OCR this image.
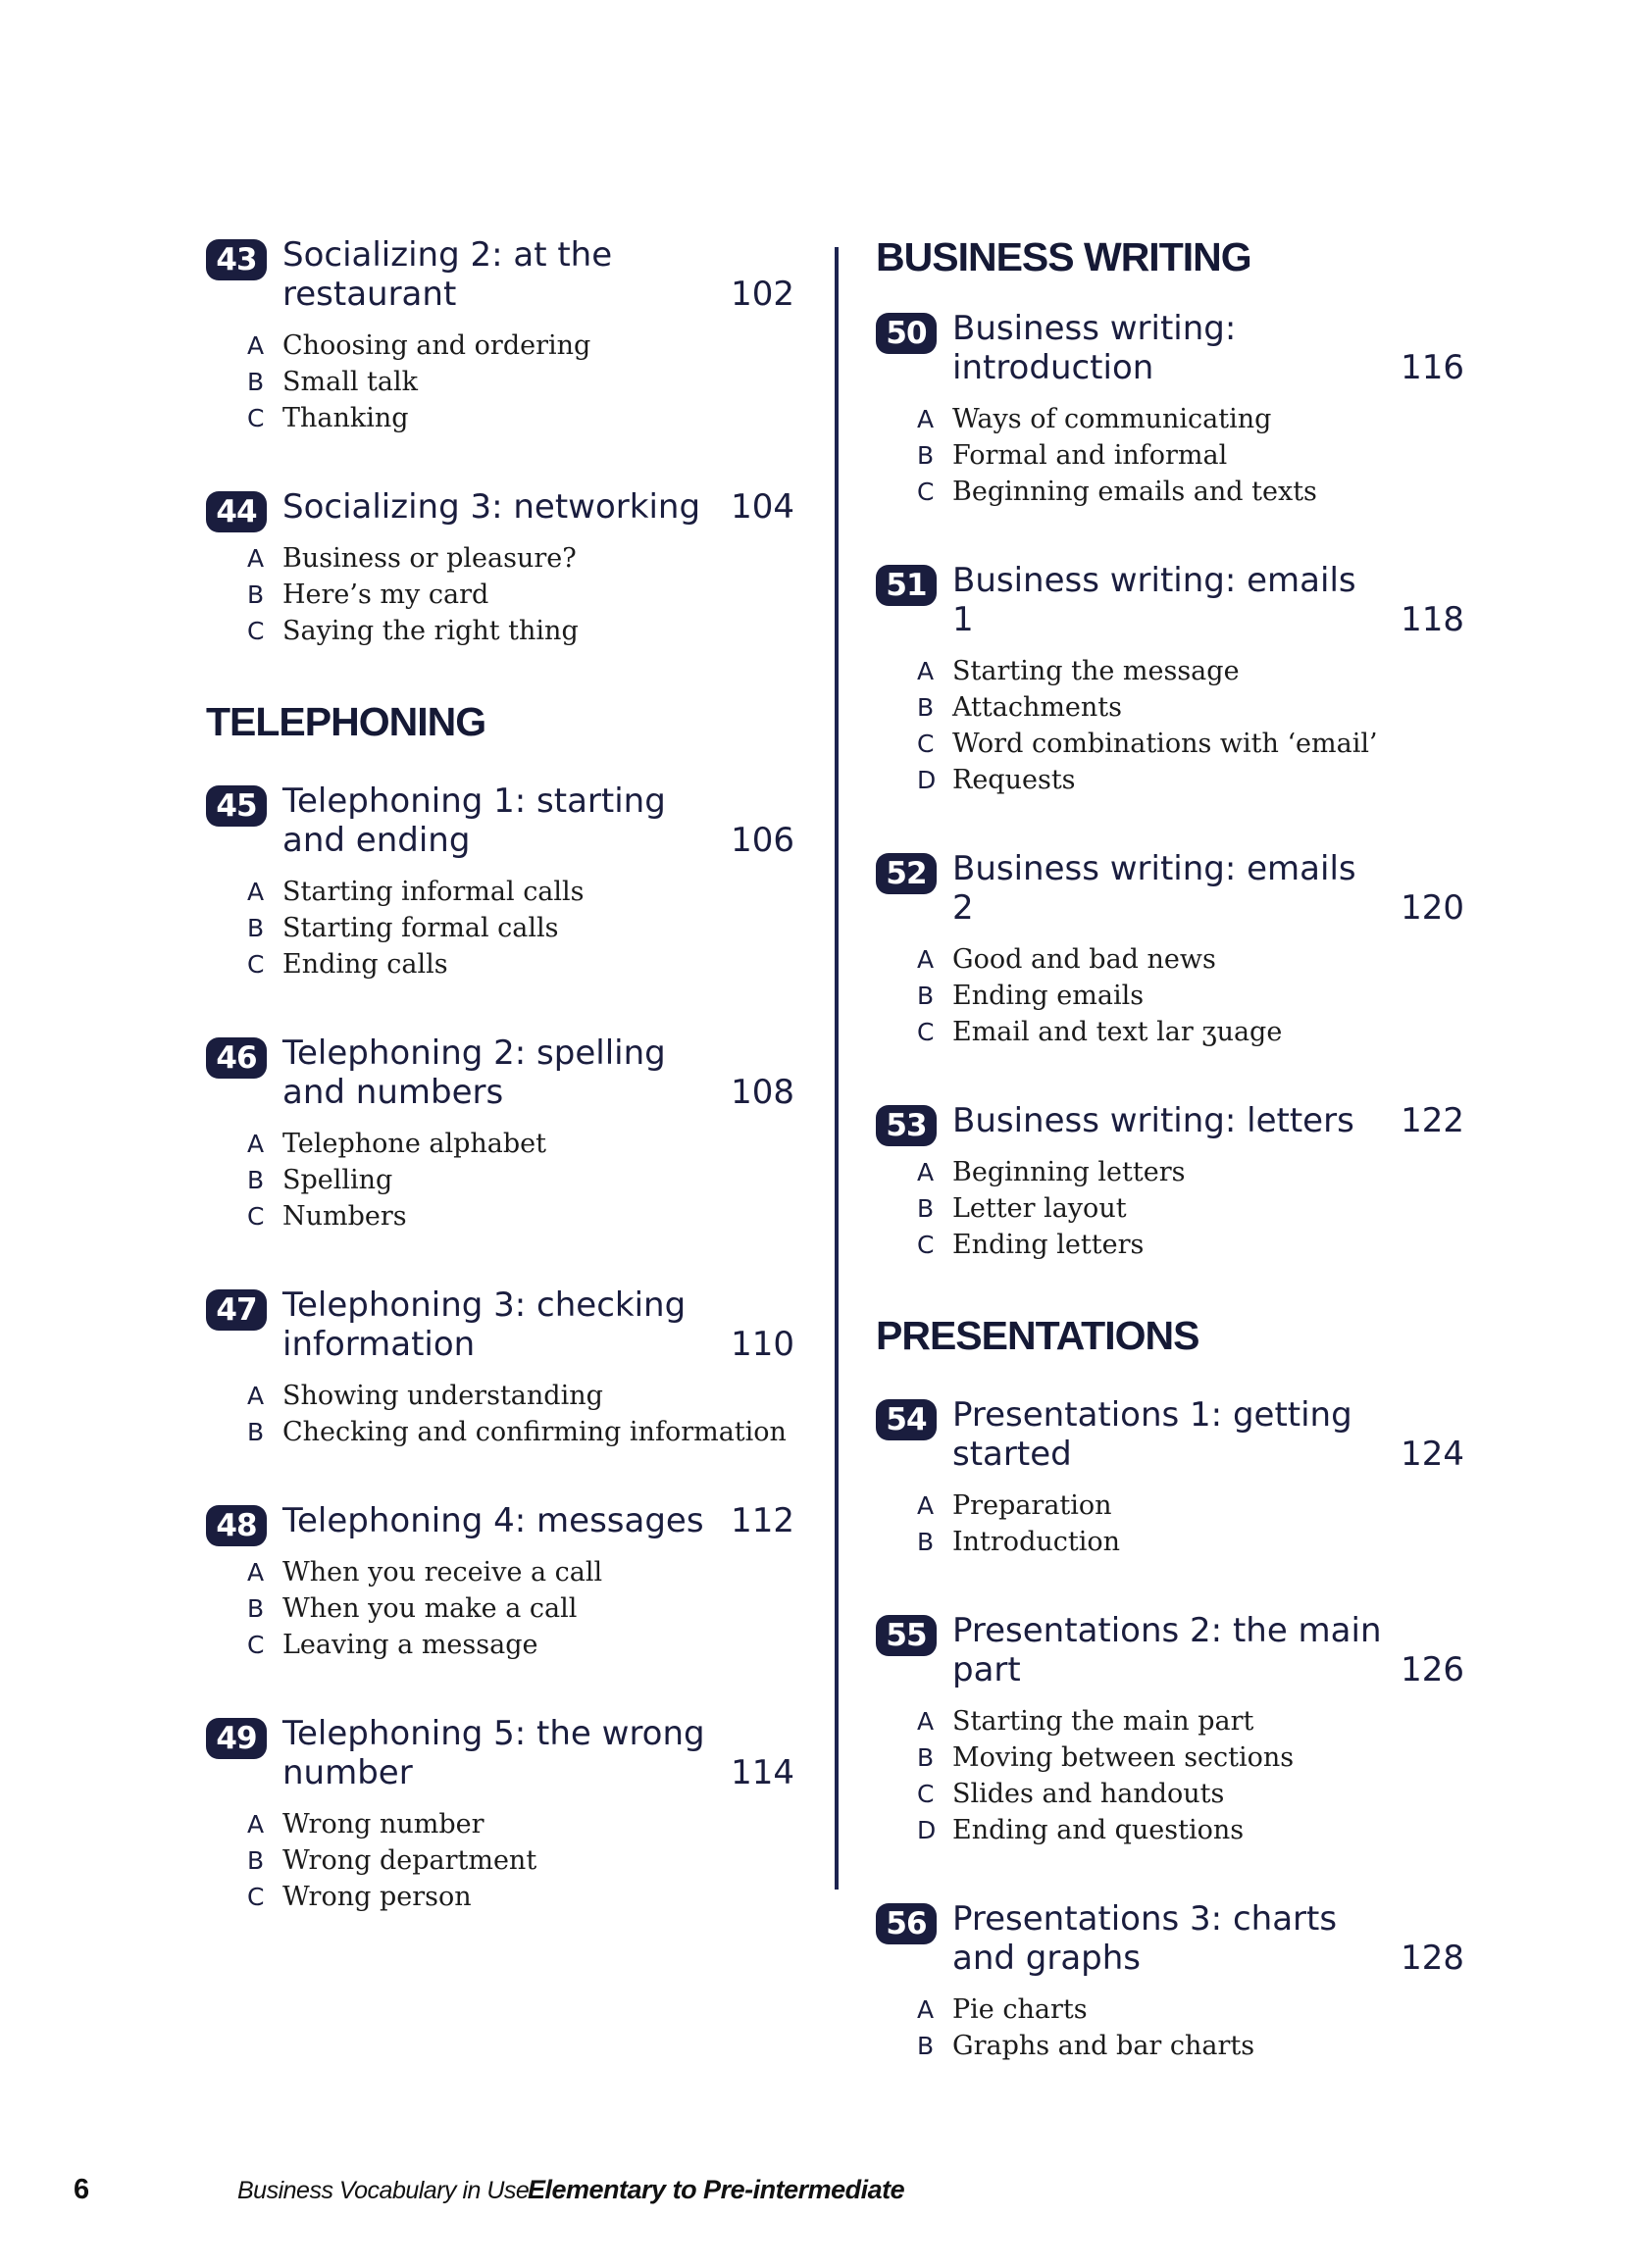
43 Socializing 2: at the restaurant	102
A Choosing and ordering
B Small talk
C Thanking
44 Socializing 3: networking 104
A Business or pleasure?
B Here’s my card
C Saying the right thing
TELEPHONING
45 Telephoning 1: starting and ending	106
A Starting informal calls
B Starting formal calls
C Ending calls
46 Telephoning 2: spelling and numbers	108
A Telephone alphabet
B Spelling
C Numbers
47 Telephoning 3: checking information	110
A Showing understanding
B Checking and confirming information
48 Telephoning 4: messages 112
A When you receive a call
B When you make a call
C Leaving a message
49 Telephoning 5: the wrong number	114
A Wrong number
B Wrong department
C Wrong person
BUSINESS WRITING
50 Business writing: introduction	116
A Ways of communicating
B Formal and informal
C Beginning emails and texts
51 Business writing: emails 1	118
A Starting the message
B Attachments
C Word combinations with ‘email’
D Requests
52 Business writing: emails 2	120
A Good and bad news
B Ending emails
C Email and text lar ʒuage
53 Business writing: letters	122
A Beginning letters
B Letter layout
C Ending letters
PRESENTATIONS
54 Presentations 1: getting started	124
A Preparation
B Introduction
55 Presentations 2: the main part	126
A Starting the main part
B Moving between sections
C Slides and handouts
D Ending and questions
56 Presentations 3: charts and graphs	128
A Pie charts
B Graphs and bar charts
6	Business Vocabulary in Use
Elementary to Pre-intermediate
